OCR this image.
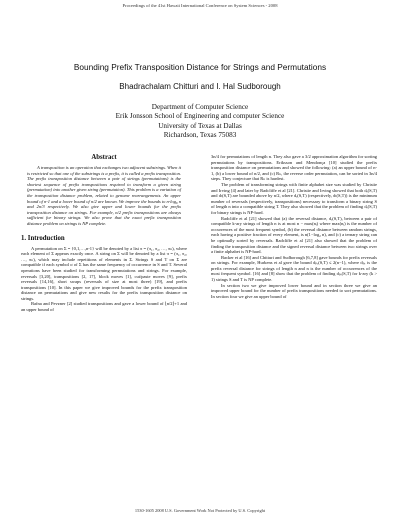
Proceedings of the 41st Hawaii International Conference on System Sciences - 2008
Bounding Prefix Transposition Distance for Strings and Permutations
Bhadrachalam Chitturi and I. Hal Sudborough
Department of Computer Science
Erik Jonsson School of Engineering and computer Science
University of Texas at Dallas
Richardson, Texas 75083
Abstract

A transposition is an operation that exchanges two adjacent substrings. When it is restricted so that one of the substrings is a prefix, it is called a prefix transposition. The prefix transposition distance between a pair of strings (permutations) is the shortest sequence of prefix transpositions required to transform a given string (permutation) into another given string (permutation). This problem is a variation of the transposition distance problem, related to genome rearrangements. An upper bound of n-1 and a lower bound of n/2 are known. We improve the bounds to n-log₈ n and 2n/3 respectively. We also give upper and lower bounds for the prefix transposition distance on strings. For example, n/2 prefix transpositions are always sufficient for binary strings. We also prove that the exact prefix transposition distance problem on strings is NP complete.

1. Introduction

A permutation on Σ = {0,1,…,n-1} will be denoted by a list π = (π₁, π₂, …, πₙ), where each element of Σ appears exactly once. A string on Σ will be denoted by a list π = (π₁, π₂, …, πₙ), which may include repetitions of elements in Σ. Strings S and T on Σ are compatible if each symbol σ of Σ has the same frequency of occurrence in S and T. Several operations have been studied for transforming permutations and strings. For example, reversals [3,20], transpositions [2, 17], block moves [1], cut/paste moves [9], prefix reversals [14,16], short swaps (reversals of size at most three) [19], and prefix transpositions [10]. In this paper we give improved bounds for the prefix transposition distance on permutations and give new results for the prefix transposition distance on strings.

Bafna and Pevzner [2] studied transpositions and gave a lower bound of ⌊n/2⌋+1 and an upper bound of

3n/4 for permutations of length n. They also gave a 3/2 approximation algorithm for sorting permutations by transpositions. Eriksson and Mendonça [10] studied the prefix transposition distance on permutations and showed the following: (a) an upper bound of n-1, (b) a lower bound of n/2, and (c) Rₙ, the reverse order permutation, can be sorted in 3n/4 steps. They conjecture that Rₙ is hardest.

The problem of transforming strings with finite alphabet size was studied by Christie and Irving [4] and later by Radcliffe et al [21]. Christie and Irving showed that both dᵣ(S,T) and dₜ(S,T) are bounded above by n/2, where dᵣ(S,T) (respectively, dₜ(S,T)) is the minimum number of reversals (respectively, transpositions) necessary to transform a binary string S of length n into a compatible string T. They also showed that the problem of finding dᵣ(S,T) for binary strings is NP-hard.

Radcliffe et al [21] showed that (a) the reversal distance, dᵣ(S,T), between a pair of compatible k-ary strings of length n is at most n − max(nᵢ) where max(nᵢ) is the number of occurrences of the most frequent symbol, (b) the reversal distance between random strings, each having a positive fraction of every element, is n(1−log₂ n), and (c) a ternary string can be optimally sorted by reversals. Radcliffe et al [21] also showed that the problem of finding the transposition distance and the signed reversal distance between two strings over a finite alphabet is NP-hard.

Backer et al [16] and Chitturi and Sudborough [6,7,8] gave bounds for prefix reversals on strings. For example, Hurkens et al gave the bound dₚᵣ(S,T) ≤ 2(n−1), where dₚᵣ is the prefix reversal distance for strings of length n and n is the number of occurrences of the most frequent symbol. [16] and [8] show that the problem of finding dₚᵣ(S,T) for k-ary (k > 1) strings S and T is NP complete.

In section two we give improved lower bound and in section three we give an improved upper bound for the number of prefix transpositions needed to sort permutations. In section four we give an upper bound of

1530-1605 2008 U.S. Government Work Not Protected by U.S. Copyright
